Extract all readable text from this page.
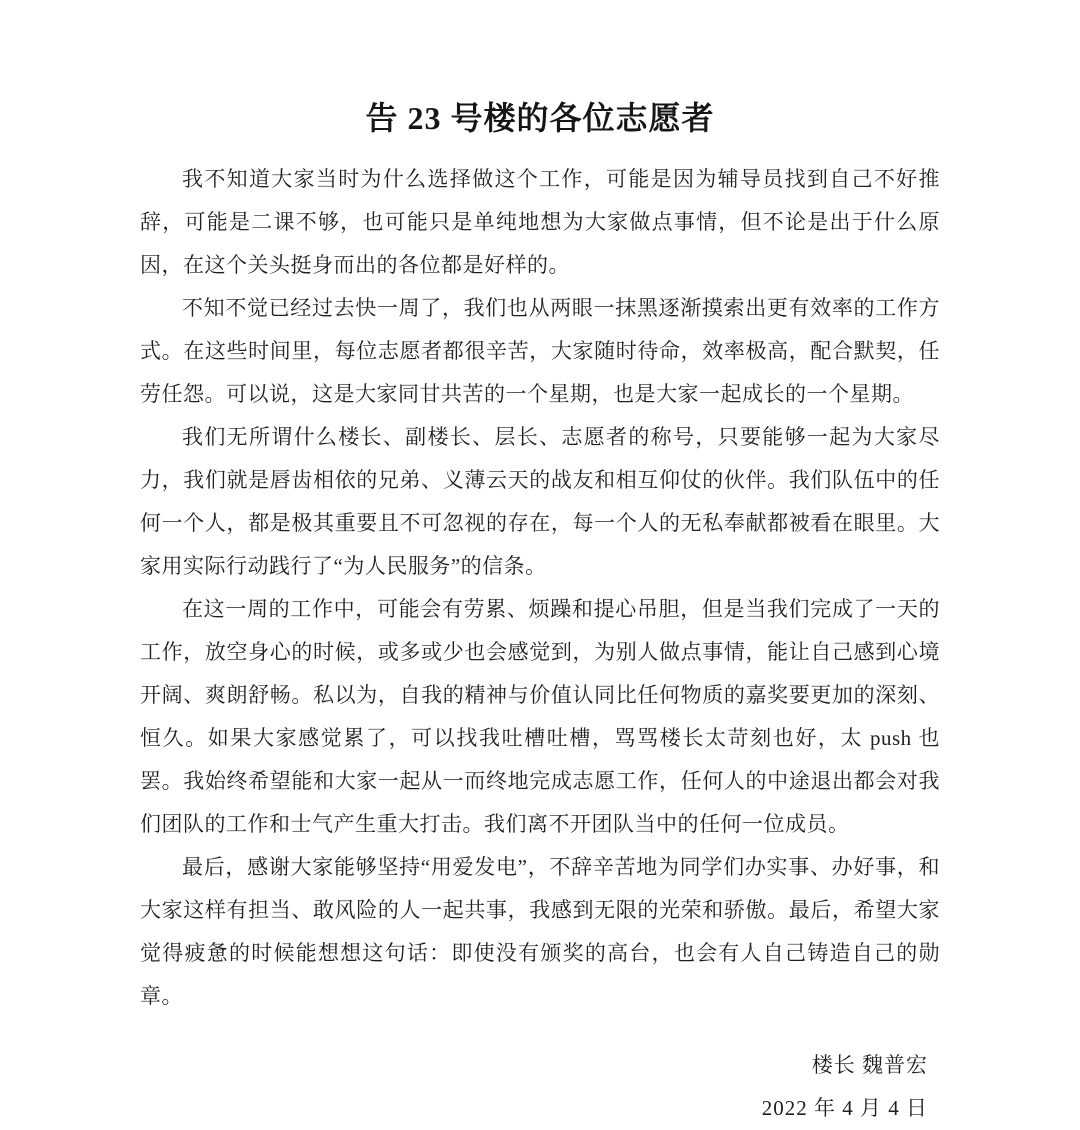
告 23 号楼的各位志愿者

我不知道大家当时为什么选择做这个工作，可能是因为辅导员找到自己不好推辞，可能是二课不够，也可能只是单纯地想为大家做点事情，但不论是出于什么原因，在这个关头挺身而出的各位都是好样的。

不知不觉已经过去快一周了，我们也从两眼一抹黑逐渐摸索出更有效率的工作方式。在这些时间里，每位志愿者都很辛苦，大家随时待命，效率极高，配合默契，任劳任怨。可以说，这是大家同甘共苦的一个星期，也是大家一起成长的一个星期。

我们无所谓什么楼长、副楼长、层长、志愿者的称号，只要能够一起为大家尽力，我们就是唇齿相依的兄弟、义薄云天的战友和相互仰仗的伙伴。我们队伍中的任何一个人，都是极其重要且不可忽视的存在，每一个人的无私奉献都被看在眼里。大家用实际行动践行了“为人民服务”的信条。

在这一周的工作中，可能会有劳累、烦躁和提心吊胆，但是当我们完成了一天的工作，放空身心的时候，或多或少也会感觉到，为别人做点事情，能让自己感到心境开阔、爽朗舒畅。私以为，自我的精神与价值认同比任何物质的嘉奖要更加的深刻、恒久。如果大家感觉累了，可以找我吐槽吐槽，骂骂楼长太苛刻也好，太 push 也罢。我始终希望能和大家一起从一而终地完成志愿工作，任何人的中途退出都会对我们团队的工作和士气产生重大打击。我们离不开团队当中的任何一位成员。

最后，感谢大家能够坚持“用爱发电”，不辞辛苦地为同学们办实事、办好事，和大家这样有担当、敢风险的人一起共事，我感到无限的光荣和骄傲。最后，希望大家觉得疲惫的时候能想想这句话：即使没有颁奖的高台，也会有人自己铸造自己的勋章。

楼长 魏普宏
2022 年 4 月 4 日
